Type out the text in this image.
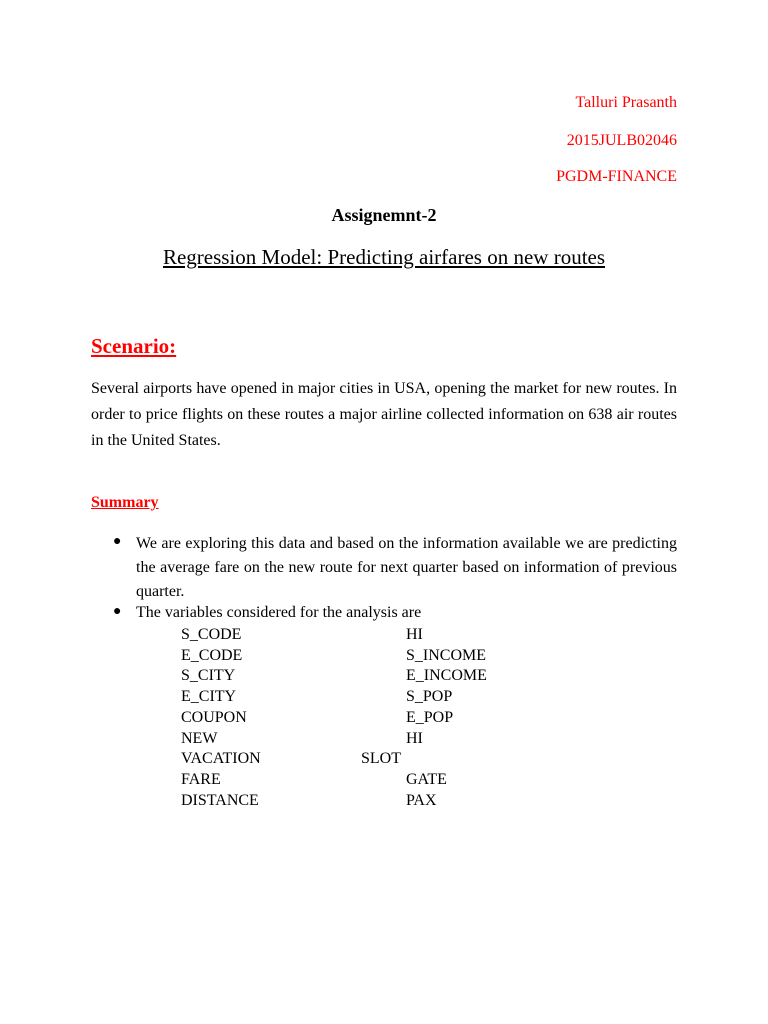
Talluri Prasanth
2015JULB02046
PGDM-FINANCE
Assignemnt-2
Regression Model: Predicting airfares on new routes
Scenario:
Several airports have opened in major cities in USA, opening the market for new routes. In order to price flights on these routes a major airline collected information on 638 air routes in the United States.
Summary
● We are exploring this data and based on the information available we are predicting the average fare on the new route for next quarter based on information of previous quarter.
● The variables considered for the analysis are
S_CODE
E_CODE
S_CITY
E_CITY
COUPON
NEW
VACATION
FARE
DISTANCE
HI
S_INCOME
E_INCOME
S_POP
E_POP
HI
SLOT
GATE
PAX
